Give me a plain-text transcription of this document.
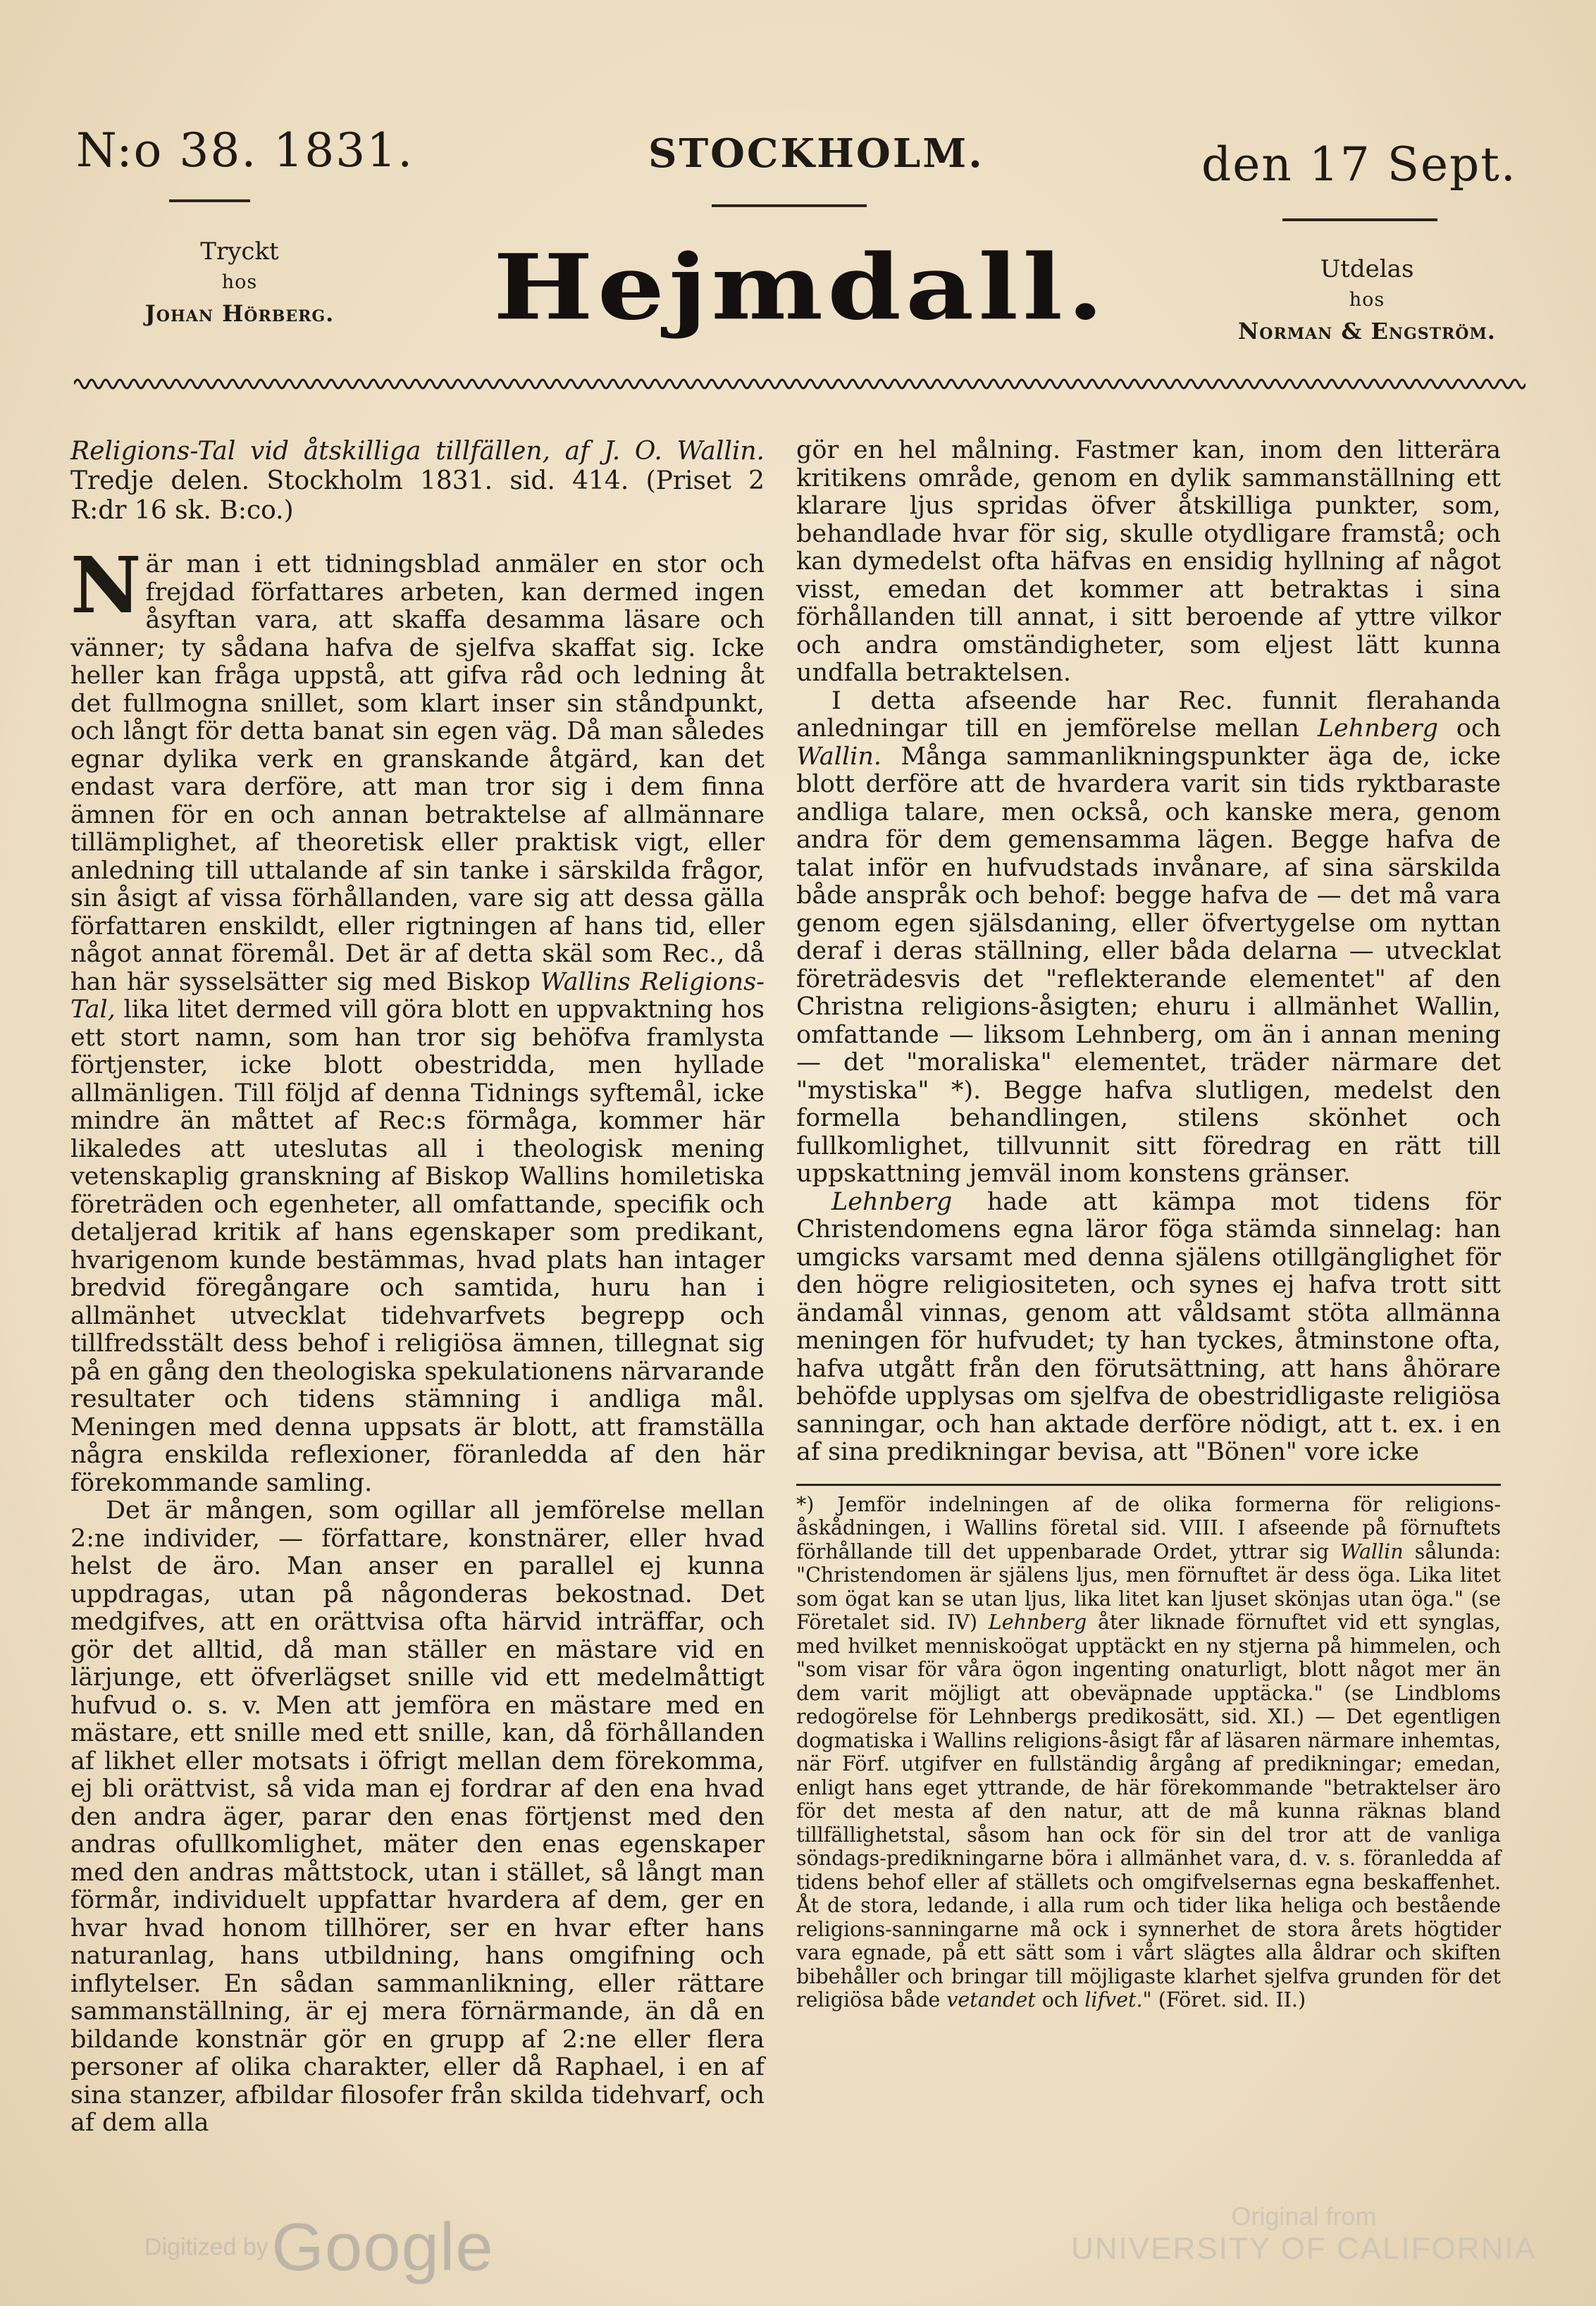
N:o 38. 1831.	STOCKHOLM.	den 17 Sept.
Tryckt
hos
Johan Hörberg.	Hejmdall.	Utdelas
hos
Norman & Engström.

Religions-Tal vid åtskilliga tillfällen, af J. O. Wallin. Tredje delen. Stockholm 1831. sid. 414. (Priset 2 R:dr 16 sk. B:co.)

När man i ett tidningsblad anmäler en stor och frejdad författares arbeten, kan dermed ingen åsyftan vara, att skaffa desamma läsare och vänner; ty sådana hafva de sjelfva skaffat sig. Icke heller kan fråga uppstå, att gifva råd och ledning åt det fullmogna snillet, som klart inser sin ståndpunkt, och långt för detta banat sin egen väg. Då man således egnar dylika verk en granskande åtgärd, kan det endast vara derföre, att man tror sig i dem finna ämnen för en och annan betraktelse af allmännare tillämplighet, af theoretisk eller praktisk vigt, eller anledning till uttalande af sin tanke i särskilda frågor, sin åsigt af vissa förhållanden, vare sig att dessa gälla författaren enskildt, eller rigtningen af hans tid, eller något annat föremål. Det är af detta skäl som Rec., då han här sysselsätter sig med Biskop Wallins Religions-Tal, lika litet dermed vill göra blott en uppvaktning hos ett stort namn, som han tror sig behöfva framlysta förtjenster, icke blott obestridda, men hyllade allmänligen. Till följd af denna Tidnings syftemål, icke mindre än måttet af Rec:s förmåga, kommer här likaledes att uteslutas all i theologisk mening vetenskaplig granskning af Biskop Wallins homiletiska företräden och egenheter, all omfattande, specifik och detaljerad kritik af hans egenskaper som predikant, hvarigenom kunde bestämmas, hvad plats han intager bredvid föregångare och samtida, huru han i allmänhet utvecklat tidehvarfvets begrepp och tillfredsstält dess behof i religiösa ämnen, tillegnat sig på en gång den theologiska spekulationens närvarande resultater och tidens stämning i andliga mål. Meningen med denna uppsats är blott, att framställa några enskilda reflexioner, föranledda af den här förekommande samling.

Det är mången, som ogillar all jemförelse mellan 2:ne individer, — författare, konstnärer, eller hvad helst de äro. Man anser en parallel ej kunna uppdragas, utan på någonderas bekostnad. Det medgifves, att en orättvisa ofta härvid inträffar, och gör det alltid, då man ställer en mästare vid en lärjunge, ett öfverlägset snille vid ett medelmåttigt hufvud o. s. v. Men att jemföra en mästare med en mästare, ett snille med ett snille, kan, då förhållanden af likhet eller motsats i öfrigt mellan dem förekomma, ej bli orättvist, så vida man ej fordrar af den ena hvad den andra äger, parar den enas förtjenst med den andras ofullkomlighet, mäter den enas egenskaper med den andras måttstock, utan i stället, så långt man förmår, individuelt uppfattar hvardera af dem, ger en hvar hvad honom tillhörer, ser en hvar efter hans naturanlag, hans utbildning, hans omgifning och inflytelser. En sådan sammanlikning, eller rättare sammanställning, är ej mera förnärmande, än då en bildande konstnär gör en grupp af 2:ne eller flera personer af olika charakter, eller då Raphael, i en af sina stanzer, afbildar filosofer från skilda tidehvarf, och af dem alla

gör en hel målning. Fastmer kan, inom den litterära kritikens område, genom en dylik sammanställning ett klarare ljus spridas öfver åtskilliga punkter, som, behandlade hvar för sig, skulle otydligare framstå; och kan dymedelst ofta häfvas en ensidig hyllning af något visst, emedan det kommer att betraktas i sina förhållanden till annat, i sitt beroende af yttre vilkor och andra omständigheter, som eljest lätt kunna undfalla betraktelsen.

I detta afseende har Rec. funnit flerahanda anledningar till en jemförelse mellan Lehnberg och Wallin. Många sammanlikningspunkter äga de, icke blott derföre att de hvardera varit sin tids ryktbaraste andliga talare, men också, och kanske mera, genom andra för dem gemensamma lägen. Begge hafva de talat inför en hufvudstads invånare, af sina särskilda både anspråk och behof: begge hafva de — det må vara genom egen själsdaning, eller öfvertygelse om nyttan deraf i deras ställning, eller båda delarna — utvecklat företrädesvis det "reflekterande elementet" af den Christna religions-åsigten; ehuru i allmänhet Wallin, omfattande — liksom Lehnberg, om än i annan mening — det "moraliska" elementet, träder närmare det "mystiska" *). Begge hafva slutligen, medelst den formella behandlingen, stilens skönhet och fullkomlighet, tillvunnit sitt föredrag en rätt till uppskattning jemväl inom konstens gränser.

Lehnberg hade att kämpa mot tidens för Christendomens egna läror föga stämda sinnelag: han umgicks varsamt med denna själens otillgänglighet för den högre religiositeten, och synes ej hafva trott sitt ändamål vinnas, genom att våldsamt stöta allmänna meningen för hufvudet; ty han tyckes, åtminstone ofta, hafva utgått från den förutsättning, att hans åhörare behöfde upplysas om sjelfva de obestridligaste religiösa sanningar, och han aktade derföre nödigt, att t. ex. i en af sina predikningar bevisa, att "Bönen" vore icke

*) Jemför indelningen af de olika formerna för religions-åskådningen, i Wallins företal sid. VIII. I afseende på förnuftets förhållande till det uppenbarade Ordet, yttrar sig Wallin sålunda: "Christendomen är själens ljus, men förnuftet är dess öga. Lika litet som ögat kan se utan ljus, lika litet kan ljuset skönjas utan öga." (se Företalet sid. IV) Lehnberg åter liknade förnuftet vid ett synglas, med hvilket menniskoögat upptäckt en ny stjerna på himmelen, och "som visar för våra ögon ingenting onaturligt, blott något mer än dem varit möjligt att obeväpnade upptäcka." (se Lindbloms redogörelse för Lehnbergs predikosätt, sid. XI.) — Det egentligen dogmatiska i Wallins religions-åsigt får af läsaren närmare inhemtas, när Förf. utgifver en fullständig årgång af predikningar; emedan, enligt hans eget yttrande, de här förekommande "betraktelser äro för det mesta af den natur, att de må kunna räknas bland tillfällighetstal, såsom han ock för sin del tror att de vanliga söndags-predikningarne böra i allmänhet vara, d. v. s. föranledda af tidens behof eller af ställets och omgifvelsernas egna beskaffenhet. Åt de stora, ledande, i alla rum och tider lika heliga och bestående religions-sanningarne må ock i synnerhet de stora årets högtider vara egnade, på ett sätt som i vårt slägtes alla åldrar och skiften bibehåller och bringar till möjligaste klarhet sjelfva grunden för det religiösa både vetandet och lifvet." (Föret. sid. II.)

Digitized by Google	Original from
UNIVERSITY OF CALIFORNIA
